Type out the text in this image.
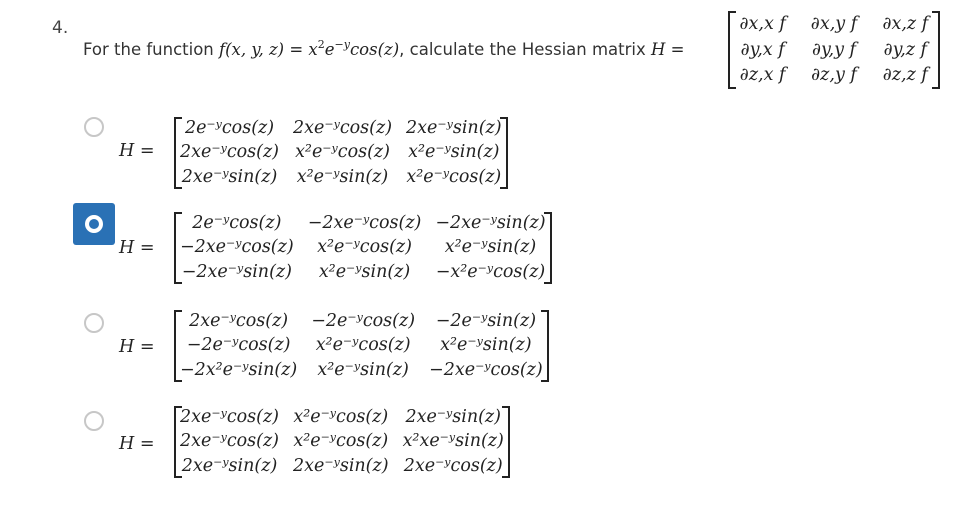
4.
For the function f(x, y, $z) = x^2e^{-y}\cos(z)$, calculate the Hessian matrix H =
∂x,x f	∂x,y f	∂x,z f
∂y,x f	∂y,y f	∂y,z f
∂z,x f	∂z,y f	∂z,z f
H =
2e⁻ʸcos(z) 2xe⁻ʸcos(z) 2xe⁻ʸsin(z)
2xe⁻ʸcos(z) x²e⁻ʸcos(z) x²e⁻ʸsin(z)
2xe⁻ʸsin(z) x²e⁻ʸsin(z) x²e⁻ʸcos(z)
H =
2e⁻ʸcos(z)	−2xe⁻ʸcos(z) −2xe⁻ʸsin(z)
−2xe⁻ʸcos(z)	x²e⁻ʸcos(z)	x²e⁻ʸsin(z)
−2xe⁻ʸsin(z)	x²e⁻ʸsin(z)	−x²e⁻ʸcos(z)
H =
2xe⁻ʸcos(z)	−2e⁻ʸcos(z)	−2e⁻ʸsin(z)
−2e⁻ʸcos(z)	x²e⁻ʸcos(z)	x²e⁻ʸsin(z)
−2x²e⁻ʸsin(z)	x²e⁻ʸsin(z)	−2xe⁻ʸcos(z)
H =
2xe⁻ʸcos(z) x²e⁻ʸcos(z) 2xe⁻ʸsin(z)
2xe⁻ʸcos(z) x²e⁻ʸcos(z) x²xe⁻ʸsin(z)
2xe⁻ʸsin(z) 2xe⁻ʸsin(z) 2xe⁻ʸcos(z)
